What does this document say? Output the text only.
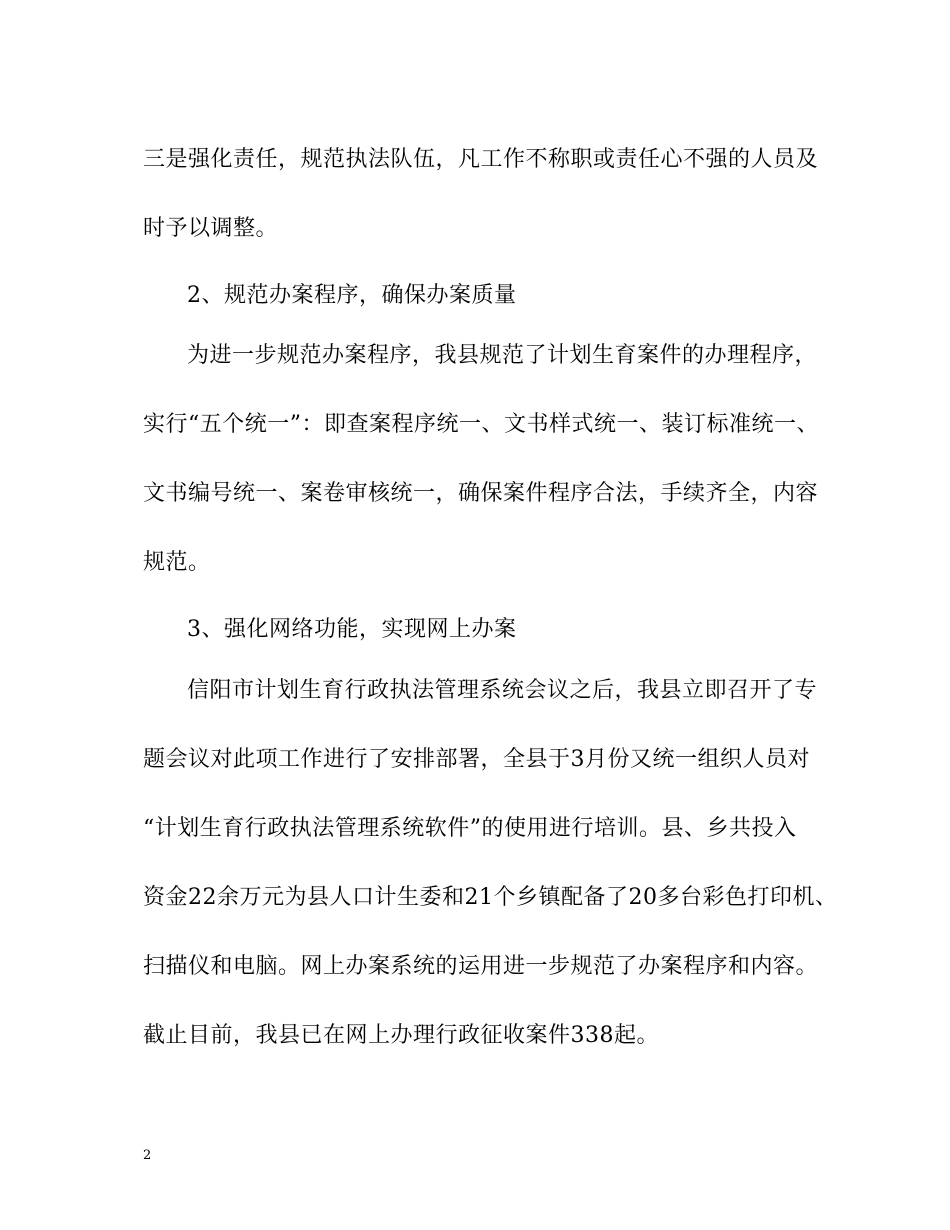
三是强化责任，规范执法队伍，凡工作不称职或责任心不强的人员及
时予以调整。
2、规范办案程序，确保办案质量
为进一步规范办案程序，我县规范了计划生育案件的办理程序，
实行“五个统一”：即查案程序统一、文书样式统一、装订标准统一、
文书编号统一、案卷审核统一，确保案件程序合法，手续齐全，内容
规范。
3、强化网络功能，实现网上办案
信阳市计划生育行政执法管理系统会议之后，我县立即召开了专
题会议对此项工作进行了安排部署，全县于3月份又统一组织人员对
“计划生育行政执法管理系统软件”的使用进行培训。县、乡共投入
资金22余万元为县人口计生委和21个乡镇配备了20多台彩色打印机、
扫描仪和电脑。网上办案系统的运用进一步规范了办案程序和内容。
截止目前，我县已在网上办理行政征收案件338起。
2
